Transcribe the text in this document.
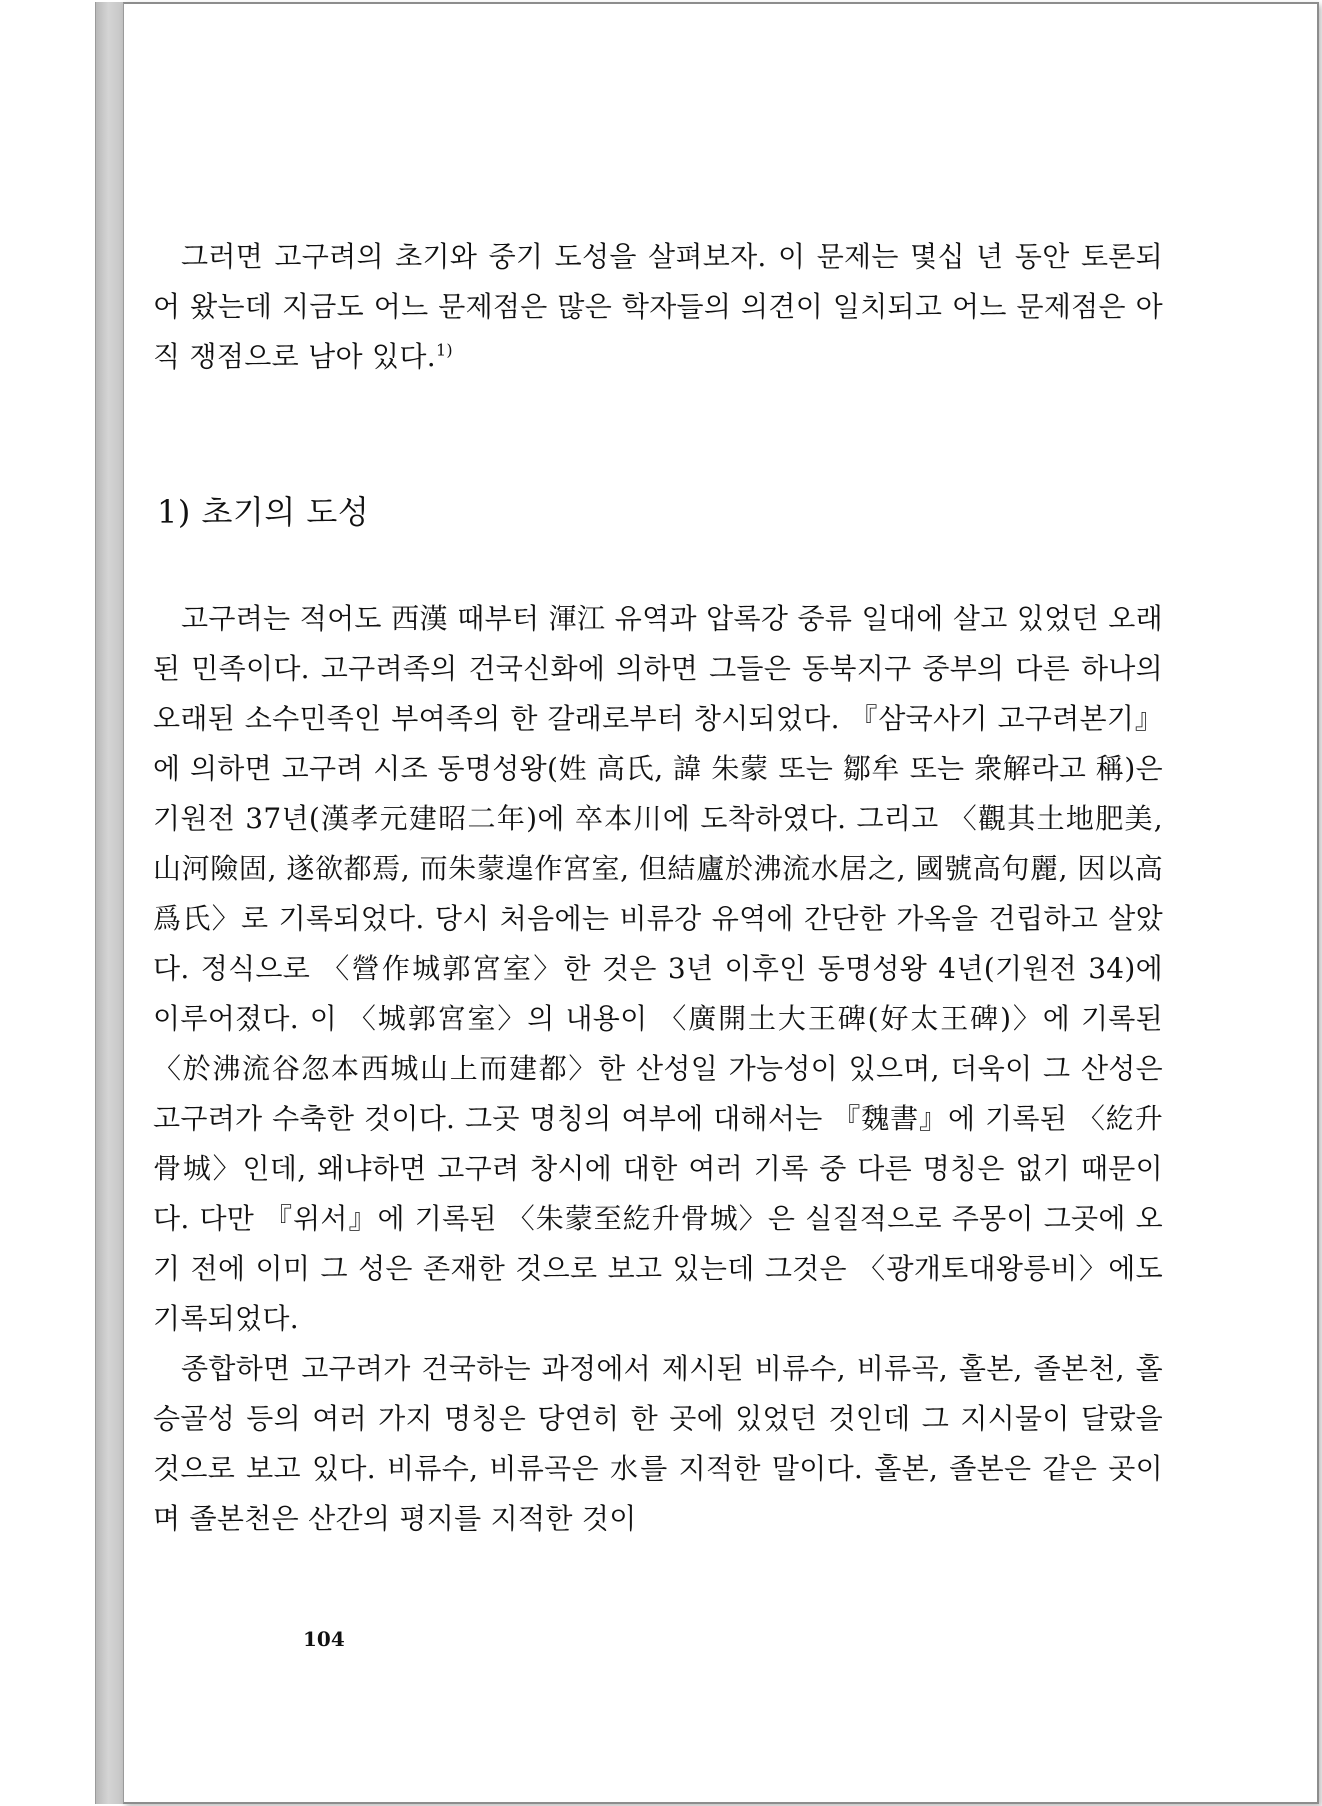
그러면 고구려의 초기와 중기 도성을 살펴보자. 이 문제는 몇십 년 동안 토론되어 왔는데 지금도 어느 문제점은 많은 학자들의 의견이 일치되고 어느 문제점은 아직 쟁점으로 남아 있다.$^{1)}$

1) 초기의 도성

고구려는 적어도 西漢 때부터 渾江 유역과 압록강 중류 일대에 살고 있었던 오래된 민족이다. 고구려족의 건국신화에 의하면 그들은 동북지구 중부의 다른 하나의 오래된 소수민족인 부여족의 한 갈래로부터 창시되었다. 『삼국사기 고구려본기』에 의하면 고구려 시조 동명성왕(姓 高氏, 諱 朱蒙 또는 鄒牟 또는 衆解라고 稱)은 기원전 37년(漢孝元建昭二年)에 卒本川에 도착하였다. 그리고 〈觀其土地肥美, 山河險固, 遂欲都焉, 而朱蒙遑作宮室, 但結廬於沸流水居之, 國號高句麗, 因以高爲氏〉로 기록되었다. 당시 처음에는 비류강 유역에 간단한 가옥을 건립하고 살았다. 정식으로 〈營作城郭宮室〉한 것은 3년 이후인 동명성왕 4년(기원전 34)에 이루어졌다. 이 〈城郭宮室〉의 내용이 〈廣開土大王碑(好太王碑)〉에 기록된 〈於沸流谷忽本西城山上而建都〉한 산성일 가능성이 있으며, 더욱이 그 산성은 고구려가 수축한 것이다. 그곳 명칭의 여부에 대해서는 『魏書』에 기록된 〈紇升骨城〉인데, 왜냐하면 고구려 창시에 대한 여러 기록 중 다른 명칭은 없기 때문이다. 다만 『위서』에 기록된 〈朱蒙至紇升骨城〉은 실질적으로 주몽이 그곳에 오기 전에 이미 그 성은 존재한 것으로 보고 있는데 그것은 〈광개토대왕릉비〉에도 기록되었다.

종합하면 고구려가 건국하는 과정에서 제시된 비류수, 비류곡, 홀본, 졸본천, 홀승골성 등의 여러 가지 명칭은 당연히 한 곳에 있었던 것인데 그 지시물이 달랐을 것으로 보고 있다. 비류수, 비류곡은 水를 지적한 말이다. 홀본, 졸본은 같은 곳이며 졸본천은 산간의 평지를 지적한 것이

104
